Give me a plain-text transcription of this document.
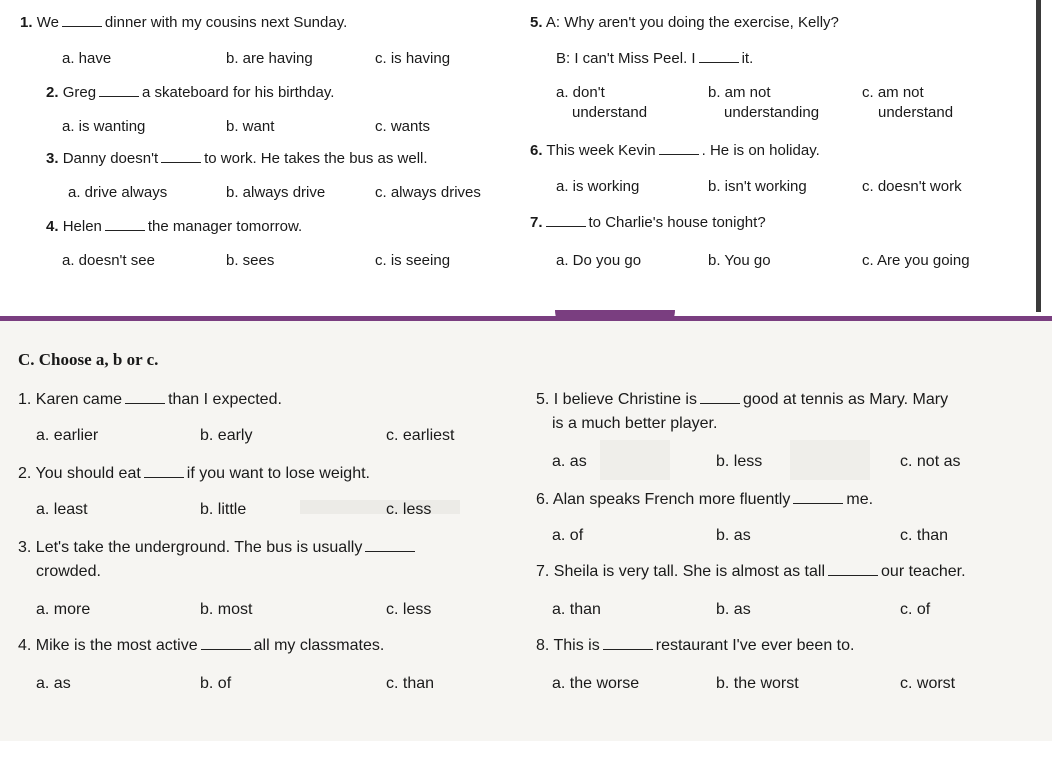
1. We	dinner with my cousins next Sunday.
a. have	b. are having	c. is having
2. Greg	a skateboard for his birthday.
a. is wanting	b. want	c. wants
3. Danny doesn't	to work. He takes the bus as well.
a. drive always	b. always drive	c. always drives
4. Helen	the manager tomorrow.
a. doesn't see	b. sees	c. is seeing
5. A: Why aren't you doing the exercise, Kelly?
B: I can't Miss Peel. I	it.
a. don't
understand
b. am not
understanding
c. am not
understand
6. This week Kevin	. He is on holiday.
a. is working	b. isn't working	c. doesn't work
7.	to Charlie's house tonight?
a. Do you go	b. You go	c. Are you going
C. Choose a, b or c.
1. Karen came	than I expected.
a. earlier	b. early	c. earliest
2. You should eat	if you want to lose weight.
a. least	b. little	c. less
3. Let's take the underground. The bus is usually
crowded.
a. more	b. most	c. less
4. Mike is the most active	all my classmates.
a. as	b. of	c. than
5. I believe Christine is	good at tennis as Mary. Mary
is a much better player.
a. as	b. less	c. not as
6. Alan speaks French more fluently	me.
a. of	b. as	c. than
7. Sheila is very tall. She is almost as tall	our teacher.
a. than	b. as	c. of
8. This is	restaurant I've ever been to.
a. the worse	b. the worst	c. worst
